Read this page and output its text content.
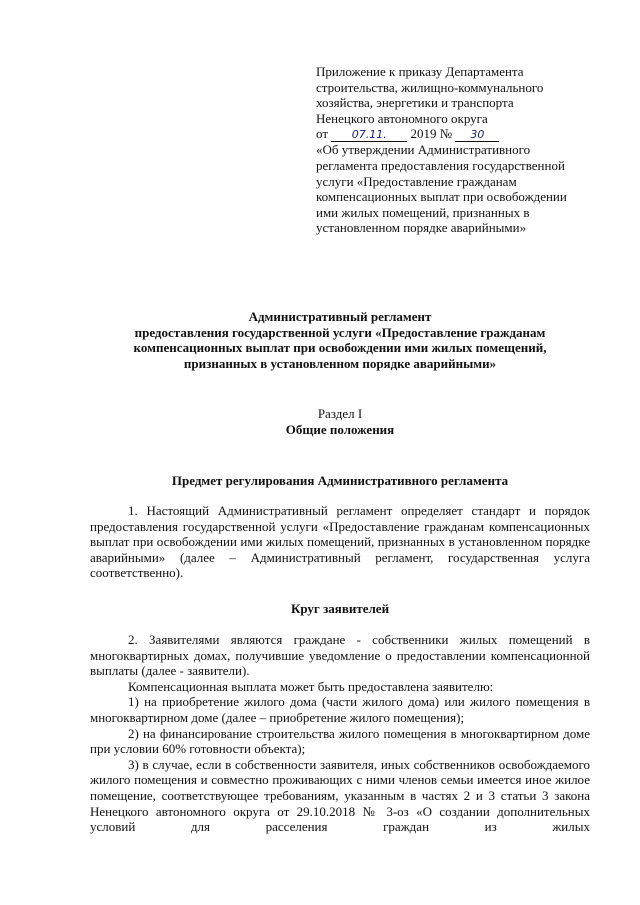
Приложение к приказу Департамента
строительства, жилищно-коммунального
хозяйства, энергетики и транспорта
Ненецкого автономного округа
от 07.11. 2019 № 30
«Об утверждении Административного
регламента предоставления государственной
услуги «Предоставление гражданам
компенсационных выплат при освобождении
ими жилых помещений, признанных в
установленном порядке аварийными»
Административный регламент
предоставления государственной услуги «Предоставление гражданам
компенсационных выплат при освобождении ими жилых помещений,
признанных в установленном порядке аварийными»
Раздел I
Общие положения
Предмет регулирования Административного регламента

1. Настоящий Административный регламент определяет стандарт и порядок предоставления государственной услуги «Предоставление гражданам компенсационных выплат при освобождении ими жилых помещений, признанных в установленном порядке аварийными» (далее – Административный регламент, государственная услуга соответственно).

Круг заявителей

2. Заявителями являются граждане - собственники жилых помещений в многоквартирных домах, получившие уведомление о предоставлении компенсационной выплаты (далее - заявители).

Компенсационная выплата может быть предоставлена заявителю:

1) на приобретение жилого дома (части жилого дома) или жилого помещения в многоквартирном доме (далее – приобретение жилого помещения);

2) на финансирование строительства жилого помещения в многоквартирном доме при условии 60% готовности объекта);

3) в случае, если в собственности заявителя, иных собственников освобождаемого жилого помещения и совместно проживающих с ними членов семьи имеется иное жилое помещение, соответствующее требованиям, указанным в частях 2 и 3 статьи 3 закона Ненецкого автономного округа от 29.10.2018 № 3-оз «О создании дополнительных условий для расселения граждан из жилых
